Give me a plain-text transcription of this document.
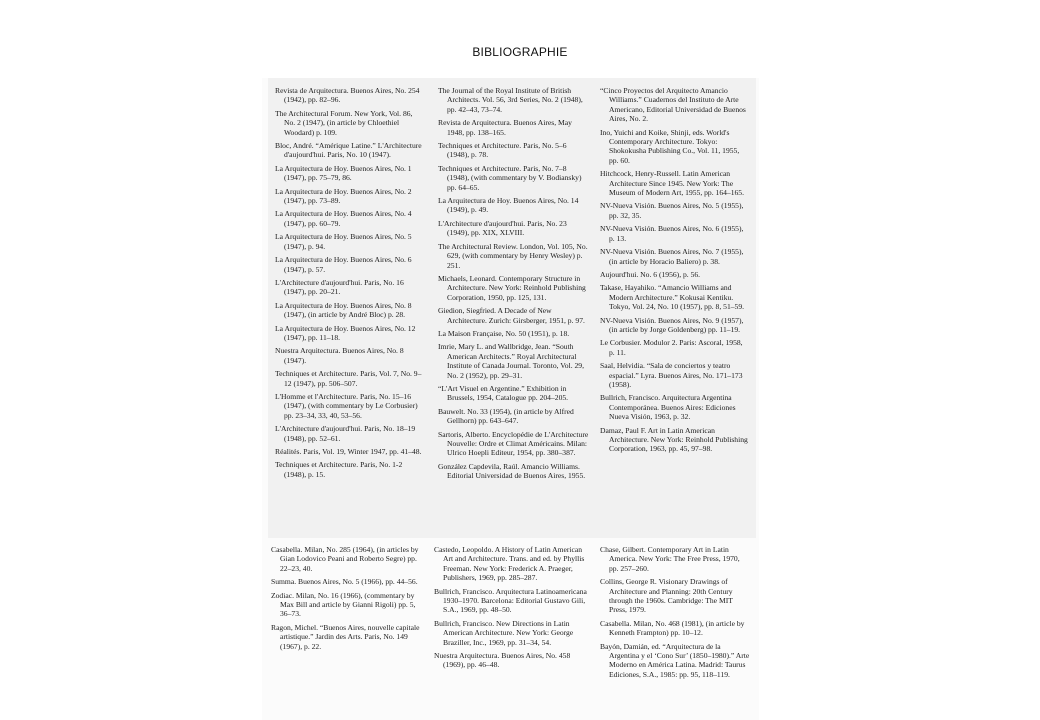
BIBLIOGRAPHIE

Revista de Arquitectura. Buenos Aires, No. 254 (1942), pp. 82–96.

The Architectural Forum. New York, Vol. 86, No. 2 (1947), (in article by Chloethiel Woodard) p. 109.

Bloc, André. “Amérique Latine.” L'Architecture d'aujourd'hui. Paris, No. 10 (1947).

La Arquitectura de Hoy. Buenos Aires, No. 1 (1947), pp. 75–79, 86.

La Arquitectura de Hoy. Buenos Aires, No. 2 (1947), pp. 73–89.

La Arquitectura de Hoy. Buenos Aires, No. 4 (1947), pp. 60–79.

La Arquitectura de Hoy. Buenos Aires, No. 5 (1947), p. 94.

La Arquitectura de Hoy. Buenos Aires, No. 6 (1947), p. 57.

L'Architecture d'aujourd'hui. Paris, No. 16 (1947), pp. 20–21.

La Arquitectura de Hoy. Buenos Aires, No. 8 (1947), (in article by André Bloc) p. 28.

La Arquitectura de Hoy. Buenos Aires, No. 12 (1947), pp. 11–18.

Nuestra Arquitectura. Buenos Aires, No. 8 (1947).

Techniques et Architecture. Paris, Vol. 7, No. 9–12 (1947), pp. 506–507.

L'Homme et l'Architecture. Paris, No. 15–16 (1947), (with commentary by Le Corbusier) pp. 23–34, 33, 40, 53–56.

L'Architecture d'aujourd'hui. Paris, No. 18–19 (1948), pp. 52–61.

Réalités. Paris, Vol. 19, Winter 1947, pp. 41–48.

Techniques et Architecture. Paris, No. 1-2 (1948), p. 15.

The Journal of the Royal Institute of British Architects. Vol. 56, 3rd Series, No. 2 (1948), pp. 42–43, 73–74.

Revista de Arquitectura. Buenos Aires, May 1948, pp. 138–165.

Techniques et Architecture. Paris, No. 5–6 (1948), p. 78.

Techniques et Architecture. Paris, No. 7–8 (1948), (with commentary by V. Bodiansky) pp. 64–65.

La Arquitectura de Hoy. Buenos Aires, No. 14 (1949), p. 49.

L'Architecture d'aujourd'hui. Paris, No. 23 (1949), pp. XIX, XLVIII.

The Architectural Review. London, Vol. 105, No. 629, (with commentary by Henry Wesley) p. 251.

Michaels, Leonard. Contemporary Structure in Architecture. New York: Reinhold Publishing Corporation, 1950, pp. 125, 131.

Giedion, Siegfried. A Decade of New Architecture. Zurich: Girsberger, 1951, p. 97.

La Maison Française, No. 50 (1951), p. 18.

Imrie, Mary L. and Wallbridge, Jean. “South American Architects.” Royal Architectural Institute of Canada Journal. Toronto, Vol. 29, No. 2 (1952), pp. 29–31.

“L'Art Visuel en Argentine.” Exhibition in Brussels, 1954, Catalogue pp. 204–205.

Bauwelt. No. 33 (1954), (in article by Alfred Gellhorn) pp. 643–647.

Sartoris, Alberto. Encyclopédie de L'Architecture Nouvelle: Ordre et Climat Américains. Milan: Ulrico Hoepli Editeur, 1954, pp. 380–387.

González Capdevila, Raúl. Amancio Williams. Editorial Universidad de Buenos Aires, 1955.

“Cinco Proyectos del Arquitecto Amancio Williams.” Cuadernos del Instituto de Arte Americano, Editorial Universidad de Buenos Aires, No. 2.

Ino, Yuichi and Koike, Shinji, eds. World's Contemporary Architecture. Tokyo: Shokokusha Publishing Co., Vol. 11, 1955, pp. 60.

Hitchcock, Henry-Russell. Latin American Architecture Since 1945. New York: The Museum of Modern Art, 1955, pp. 164–165.

NV-Nueva Visión. Buenos Aires, No. 5 (1955), pp. 32, 35.

NV-Nueva Visión. Buenos Aires, No. 6 (1955), p. 13.

NV-Nueva Visión. Buenos Aires, No. 7 (1955), (in article by Horacio Baliero) p. 38.

Aujourd'hui. No. 6 (1956), p. 56.

Takase, Hayahiko. “Amancio Williams and Modern Architecture.” Kokusai Kentiku. Tokyo, Vol. 24, No. 10 (1957), pp. 8, 51–59.

NV-Nueva Visión. Buenos Aires, No. 9 (1957), (in article by Jorge Goldenberg) pp. 11–19.

Le Corbusier. Modulor 2. Paris: Ascoral, 1958, p. 11.

Saal, Helvidia. “Sala de conciertos y teatro espacial.” Lyra. Buenos Aires, No. 171–173 (1958).

Bullrich, Francisco. Arquitectura Argentina Contemporánea. Buenos Aires: Ediciones Nueva Visión, 1963, p. 32.

Damaz, Paul F. Art in Latin American Architecture. New York: Reinhold Publishing Corporation, 1963, pp. 45, 97–98.

Casabella. Milan, No. 285 (1964), (in articles by Gian Lodovico Peani and Roberto Segre) pp. 22–23, 40.

Summa. Buenos Aires, No. 5 (1966), pp. 44–56.

Zodiac. Milan, No. 16 (1966), (commentary by Max Bill and article by Gianni Rigoli) pp. 5, 36–73.

Ragon, Michel. “Buenos Aires, nouvelle capitale artistique.” Jardin des Arts. Paris, No. 149 (1967), p. 22.

Castedo, Leopoldo. A History of Latin American Art and Architecture. Trans. and ed. by Phyllis Freeman. New York: Frederick A. Praeger, Publishers, 1969, pp. 285–287.

Bullrich, Francisco. Arquitectura Latinoamericana 1930–1970. Barcelona: Editorial Gustavo Gili, S.A., 1969, pp. 48–50.

Bullrich, Francisco. New Directions in Latin American Architecture. New York: George Braziller, Inc., 1969, pp. 31–34, 54.

Nuestra Arquitectura. Buenos Aires, No. 458 (1969), pp. 46–48.

Chase, Gilbert. Contemporary Art in Latin America. New York: The Free Press, 1970, pp. 257–260.

Collins, George R. Visionary Drawings of Architecture and Planning: 20th Century through the 1960s. Cambridge: The MIT Press, 1979.

Casabella. Milan, No. 468 (1981), (in article by Kenneth Frampton) pp. 10–12.

Bayón, Damián, ed. “Arquitectura de la Argentina y el ‘Cono Sur’ (1850–1980).” Arte Moderno en América Latina. Madrid: Taurus Ediciones, S.A., 1985: pp. 95, 118–119.
